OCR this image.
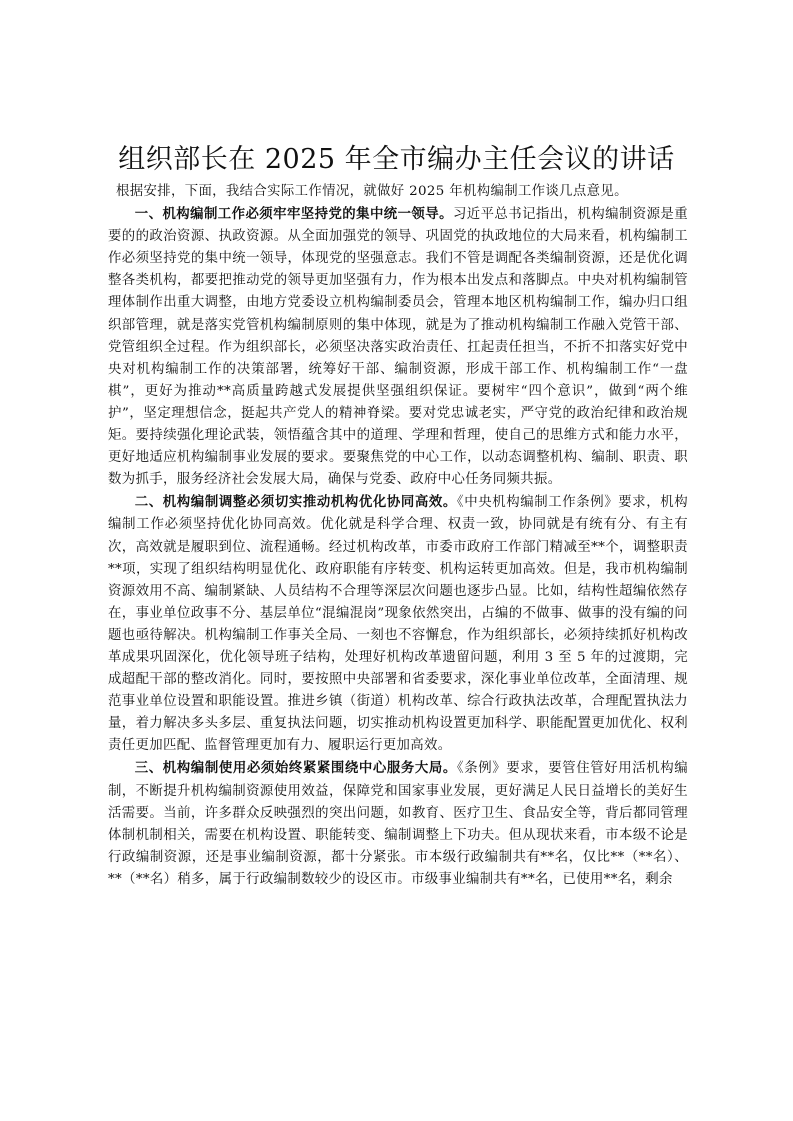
组织部长在 2025 年全市编办主任会议的讲话

根据安排，下面，我结合实际工作情况，就做好 2025 年机构编制工作谈几点意见。

一、机构编制工作必须牢牢坚持党的集中统一领导。习近平总书记指出，机构编制资源是重要的的政治资源、执政资源。从全面加强党的领导、巩固党的执政地位的大局来看，机构编制工作必须坚持党的集中统一领导，体现党的坚强意志。我们不管是调配各类编制资源，还是优化调整各类机构，都要把推动党的领导更加坚强有力，作为根本出发点和落脚点。中央对机构编制管理体制作出重大调整，由地方党委设立机构编制委员会，管理本地区机构编制工作，编办归口组织部管理，就是落实党管机构编制原则的集中体现，就是为了推动机构编制工作融入党管干部、党管组织全过程。作为组织部长，必须坚决落实政治责任、扛起责任担当，不折不扣落实好党中央对机构编制工作的决策部署，统筹好干部、编制资源，形成干部工作、机构编制工作“一盘棋”，更好为推动**高质量跨越式发展提供坚强组织保证。要树牢“四个意识”，做到“两个维护”，坚定理想信念，挺起共产党人的精神脊梁。要对党忠诚老实，严守党的政治纪律和政治规矩。要持续强化理论武装，领悟蕴含其中的道理、学理和哲理，使自己的思维方式和能力水平，更好地适应机构编制事业发展的要求。要聚焦党的中心工作，以动态调整机构、编制、职责、职数为抓手，服务经济社会发展大局，确保与党委、政府中心任务同频共振。

二、机构编制调整必须切实推动机构优化协同高效。《中央机构编制工作条例》要求，机构编制工作必须坚持优化协同高效。优化就是科学合理、权责一致，协同就是有统有分、有主有次，高效就是履职到位、流程通畅。经过机构改革，市委市政府工作部门精减至**个，调整职责**项，实现了组织结构明显优化、政府职能有序转变、机构运转更加高效。但是，我市机构编制资源效用不高、编制紧缺、人员结构不合理等深层次问题也逐步凸显。比如，结构性超编依然存在，事业单位政事不分、基层单位“混编混岗”现象依然突出，占编的不做事、做事的没有编的问题也亟待解决。机构编制工作事关全局、一刻也不容懈怠，作为组织部长，必须持续抓好机构改革成果巩固深化，优化领导班子结构，处理好机构改革遗留问题，利用 3 至 5 年的过渡期，完成超配干部的整改消化。同时，要按照中央部署和省委要求，深化事业单位改革，全面清理、规范事业单位设置和职能设置。推进乡镇（街道）机构改革、综合行政执法改革，合理配置执法力量，着力解决多头多层、重复执法问题，切实推动机构设置更加科学、职能配置更加优化、权利责任更加匹配、监督管理更加有力、履职运行更加高效。

三、机构编制使用必须始终紧紧围绕中心服务大局。《条例》要求，要管住管好用活机构编制，不断提升机构编制资源使用效益，保障党和国家事业发展，更好满足人民日益增长的美好生活需要。当前，许多群众反映强烈的突出问题，如教育、医疗卫生、食品安全等，背后都同管理体制机制相关，需要在机构设置、职能转变、编制调整上下功夫。但从现状来看，市本级不论是行政编制资源，还是事业编制资源，都十分紧张。市本级行政编制共有**名，仅比**（**名）、**（**名）稍多，属于行政编制数较少的设区市。市级事业编制共有**名，已使用**名，剩余
